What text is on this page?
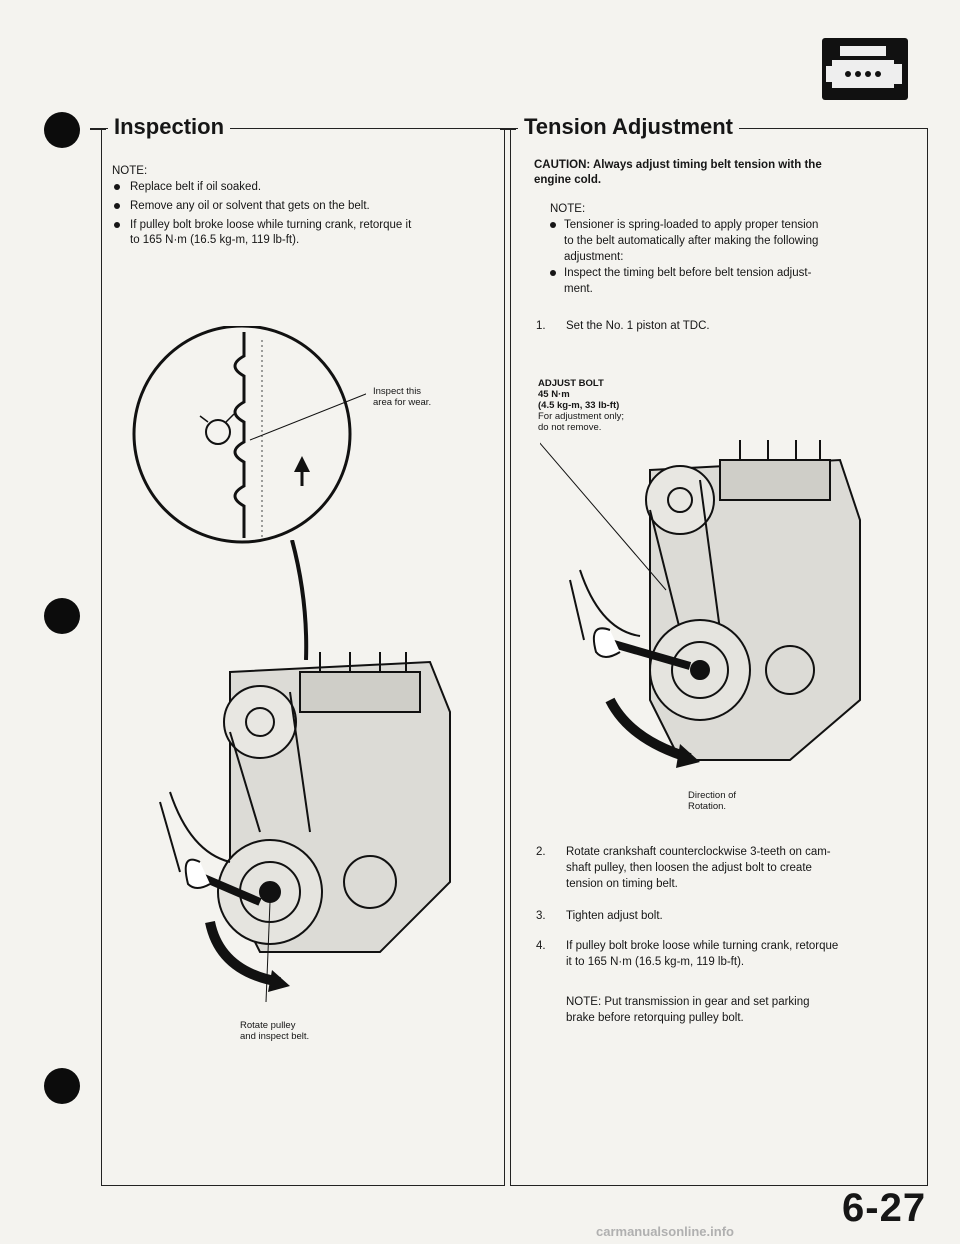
Inspection
NOTE:
Replace belt if oil soaked.
Remove any oil or solvent that gets on the belt.
If pulley bolt broke loose while turning crank, retorque it
to 165 N·m (16.5 kg-m, 119 lb-ft).
Inspect this
area for wear.
Rotate pulley
and inspect belt.
Tension Adjustment
CAUTION: Always adjust timing belt tension with the
engine cold.
NOTE:
Tensioner is spring-loaded to apply proper tension
to the belt automatically after making the following
adjustment:
Inspect the timing belt before belt tension adjust-
ment.
1. Set the No. 1 piston at TDC.
ADJUST BOLT
45 N·m
(4.5 kg-m, 33 lb-ft)
For adjustment only;
do not remove.
Direction of
Rotation.
2. Rotate crankshaft counterclockwise 3-teeth on cam-
shaft pulley, then loosen the adjust bolt to create
tension on timing belt.
3. Tighten adjust bolt.
4. If pulley bolt broke loose while turning crank, retorque
it to 165 N·m (16.5 kg-m, 119 lb-ft).
NOTE: Put transmission in gear and set parking
brake before retorquing pulley bolt.
6-27
carmanualsonline.info
